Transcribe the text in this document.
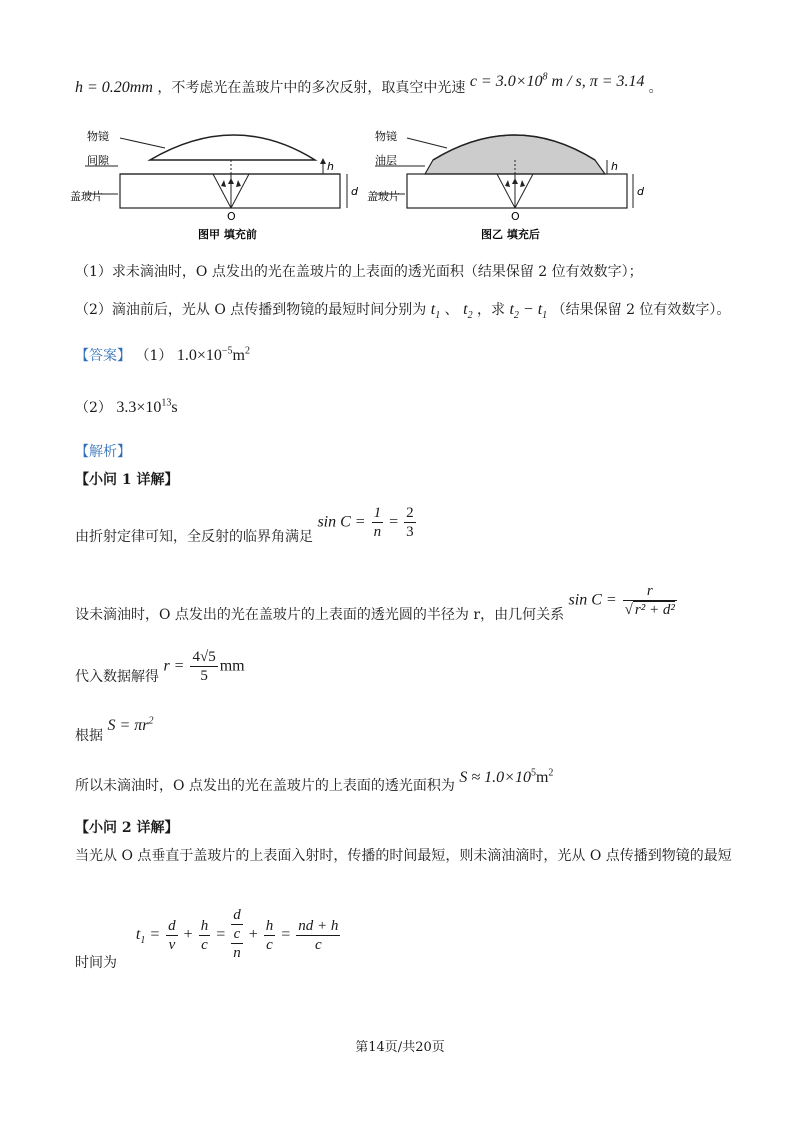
h = 0.20mm ，不考虑光在盖玻片中的多次反射，取真空中光速 $c = 3.0\times 10^8$ m / s, π = 3.14 。
物镜
间隙
盖玻片
h
d
O
图甲 填充前
物镜
油层
盖玻片
h
d
O
图乙 填充后
（1）求未滴油时，O 点发出的光在盖玻片的上表面的透光面积（结果保留 2 位有效数字）；
（2）滴油前后，光从 O 点传播到物镜的最短时间分别为 $t_1$ 、 $t_2$ ，求 $t_2 - t_1$ （结果保留 2 位有效数字）。
【答案】 （1） $1.0\times 10^{-5}m^2$
（2） $3.3\times 10^{13}s$
【解析】
【小问 1 详解】
由折射定律可知，全反射的临界角满足 $\sin C = \frac{1}{n} = \frac{2}{3}$
设未滴油时，O 点发出的光在盖玻片的上表面的透光圆的半径为 r，由几何关系 $\sin C = \frac{r}{\text{√ r² + d²}}$
代入数据解得 $r = \frac{4√5}{5}$ mm
根据 $S = \pi r^2$
所以未滴油时，O 点发出的光在盖玻片的上表面的透光面积为 $S \approx 1.0\times 10^5m^2$
【小问 2 详解】
当光从 O 点垂直于盖玻片的上表面入射时，传播的时间最短，则未滴油滴时，光从 O 点传播到物镜的最短
时间为  $t_1 = \frac{d}{v} + \frac{h}{c}$ =
d
c
n
+ $\frac{h}{c} = \frac{nd + h}{c}$
第14页/共20页
